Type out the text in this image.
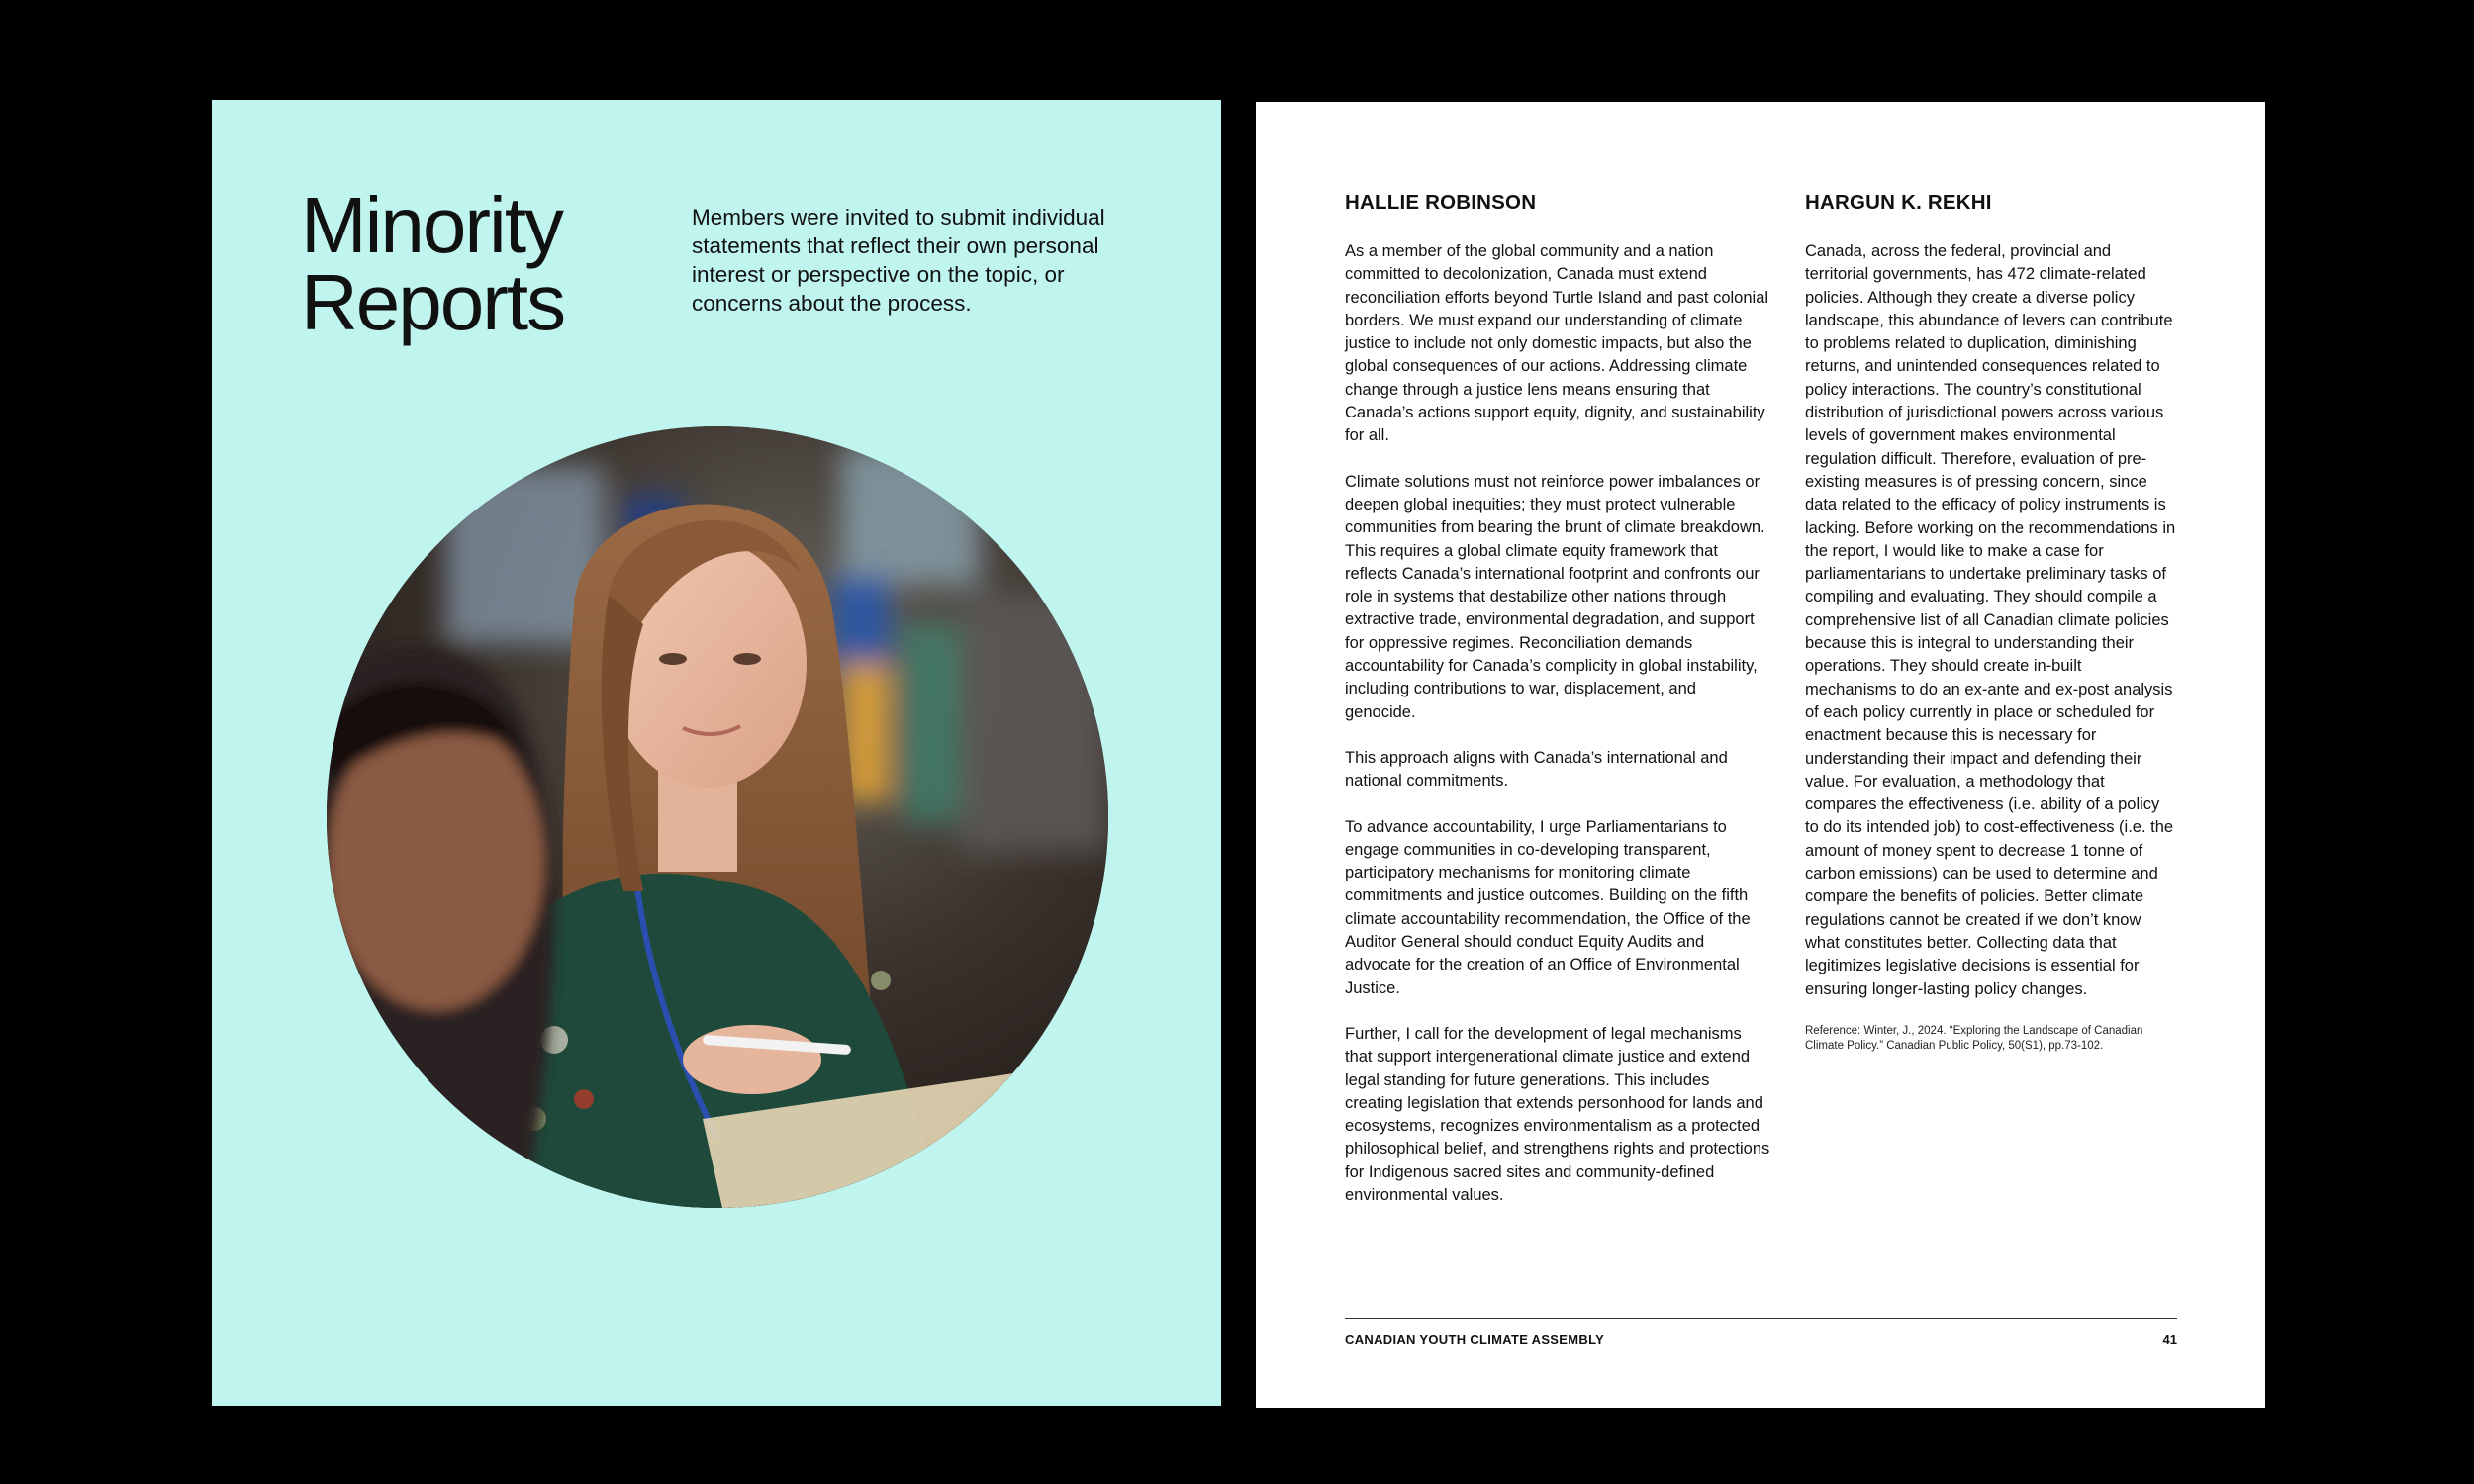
Minority
Reports

Members were invited to submit individual statements that reflect their own personal interest or perspective on the topic, or concerns about the process.

HALLIE ROBINSON

As a member of the global community and a nation committed to decolonization, Canada must extend reconciliation efforts beyond Turtle Island and past colonial borders. We must expand our understanding of climate justice to include not only domestic impacts, but also the global consequences of our actions. Addressing climate change through a justice lens means ensuring that Canada’s actions support equity, dignity, and sustainability for all.

Climate solutions must not reinforce power imbalances or deepen global inequities; they must protect vulnerable communities from bearing the brunt of climate breakdown. This requires a global climate equity framework that reflects Canada’s international footprint and confronts our role in systems that destabilize other nations through extractive trade, environmental degradation, and support for oppressive regimes. Reconciliation demands accountability for Canada’s complicity in global instability, including contributions to war, displacement, and genocide.

This approach aligns with Canada’s international and national commitments.

To advance accountability, I urge Parliamentarians to engage communities in co-developing transparent, participatory mechanisms for monitoring climate commitments and justice outcomes. Building on the fifth climate accountability recommendation, the Office of the Auditor General should conduct Equity Audits and advocate for the creation of an Office of Environmental Justice.

Further, I call for the development of legal mechanisms that support intergenerational climate justice and extend legal standing for future generations. This includes creating legislation that extends personhood for lands and ecosystems, recognizes environmentalism as a protected philosophical belief, and strengthens rights and protections for Indigenous sacred sites and community-defined environmental values.

HARGUN K. REKHI

Canada, across the federal, provincial and territorial governments, has 472 climate-related policies. Although they create a diverse policy landscape, this abundance of levers can contribute to problems related to duplication, diminishing returns, and unintended consequences related to policy interactions. The country’s constitutional distribution of jurisdictional powers across various levels of government makes environmental regulation difficult. Therefore, evaluation of pre-existing measures is of pressing concern, since data related to the efficacy of policy instruments is lacking. Before working on the recommendations in the report, I would like to make a case for parliamentarians to undertake preliminary tasks of compiling and evaluating. They should compile a comprehensive list of all Canadian climate policies because this is integral to understanding their operations. They should create in-built mechanisms to do an ex-ante and ex-post analysis of each policy currently in place or scheduled for enactment because this is necessary for understanding their impact and defending their value. For evaluation, a methodology that compares the effectiveness (i.e. ability of a policy to do its intended job) to cost-effectiveness (i.e. the amount of money spent to decrease 1 tonne of carbon emissions) can be used to determine and compare the benefits of policies. Better climate regulations cannot be created if we don’t know what constitutes better. Collecting data that legitimizes legislative decisions is essential for ensuring longer-lasting policy changes.

Reference: Winter, J., 2024. “Exploring the Landscape of Canadian Climate Policy.” Canadian Public Policy, 50(S1), pp.73-102.

CANADIAN YOUTH CLIMATE ASSEMBLY	41
